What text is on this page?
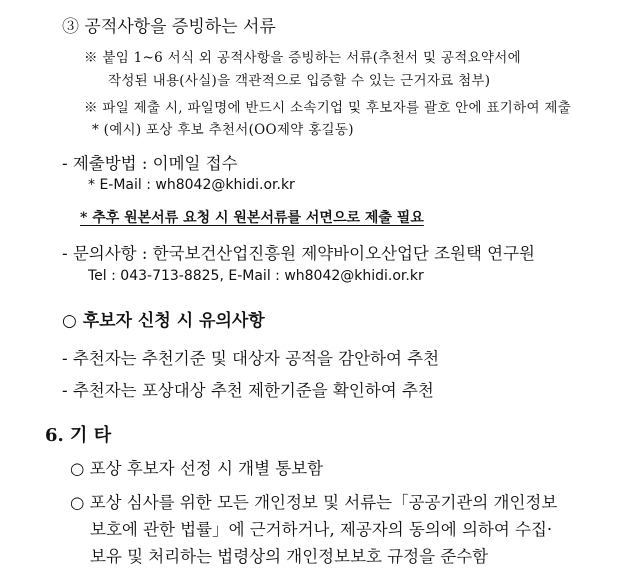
③ 공적사항을 증빙하는 서류
※ 붙임 1~6 서식 외 공적사항을 증빙하는 서류(추천서 및 공적요약서에
작성된 내용(사실)을 객관적으로 입증할 수 있는 근거자료 첨부)
※ 파일 제출 시, 파일명에 반드시 소속기업 및 후보자를 괄호 안에 표기하여 제출
* (예시) 포상 후보 추천서(OO제약 홍길동)
- 제출방법 : 이메일 접수
* E-Mail : wh8042@khidi.or.kr
* 추후 원본서류 요청 시 원본서류를 서면으로 제출 필요
- 문의사항 : 한국보건산업진흥원 제약바이오산업단 조원택 연구원
Tel : 043-713-8825, E-Mail : wh8042@khidi.or.kr
○ 후보자 신청 시 유의사항
- 추천자는 추천기준 및 대상자 공적을 감안하여 추천
- 추천자는 포상대상 추천 제한기준을 확인하여 추천
6. 기 타
○ 포상 후보자 선정 시 개별 통보함
○ 포상 심사를 위한 모든 개인정보 및 서류는「공공기관의 개인정보
보호에 관한 법률」에 근거하거나, 제공자의 동의에 의하여 수집·
보유 및 처리하는 법령상의 개인정보보호 규정을 준수함
